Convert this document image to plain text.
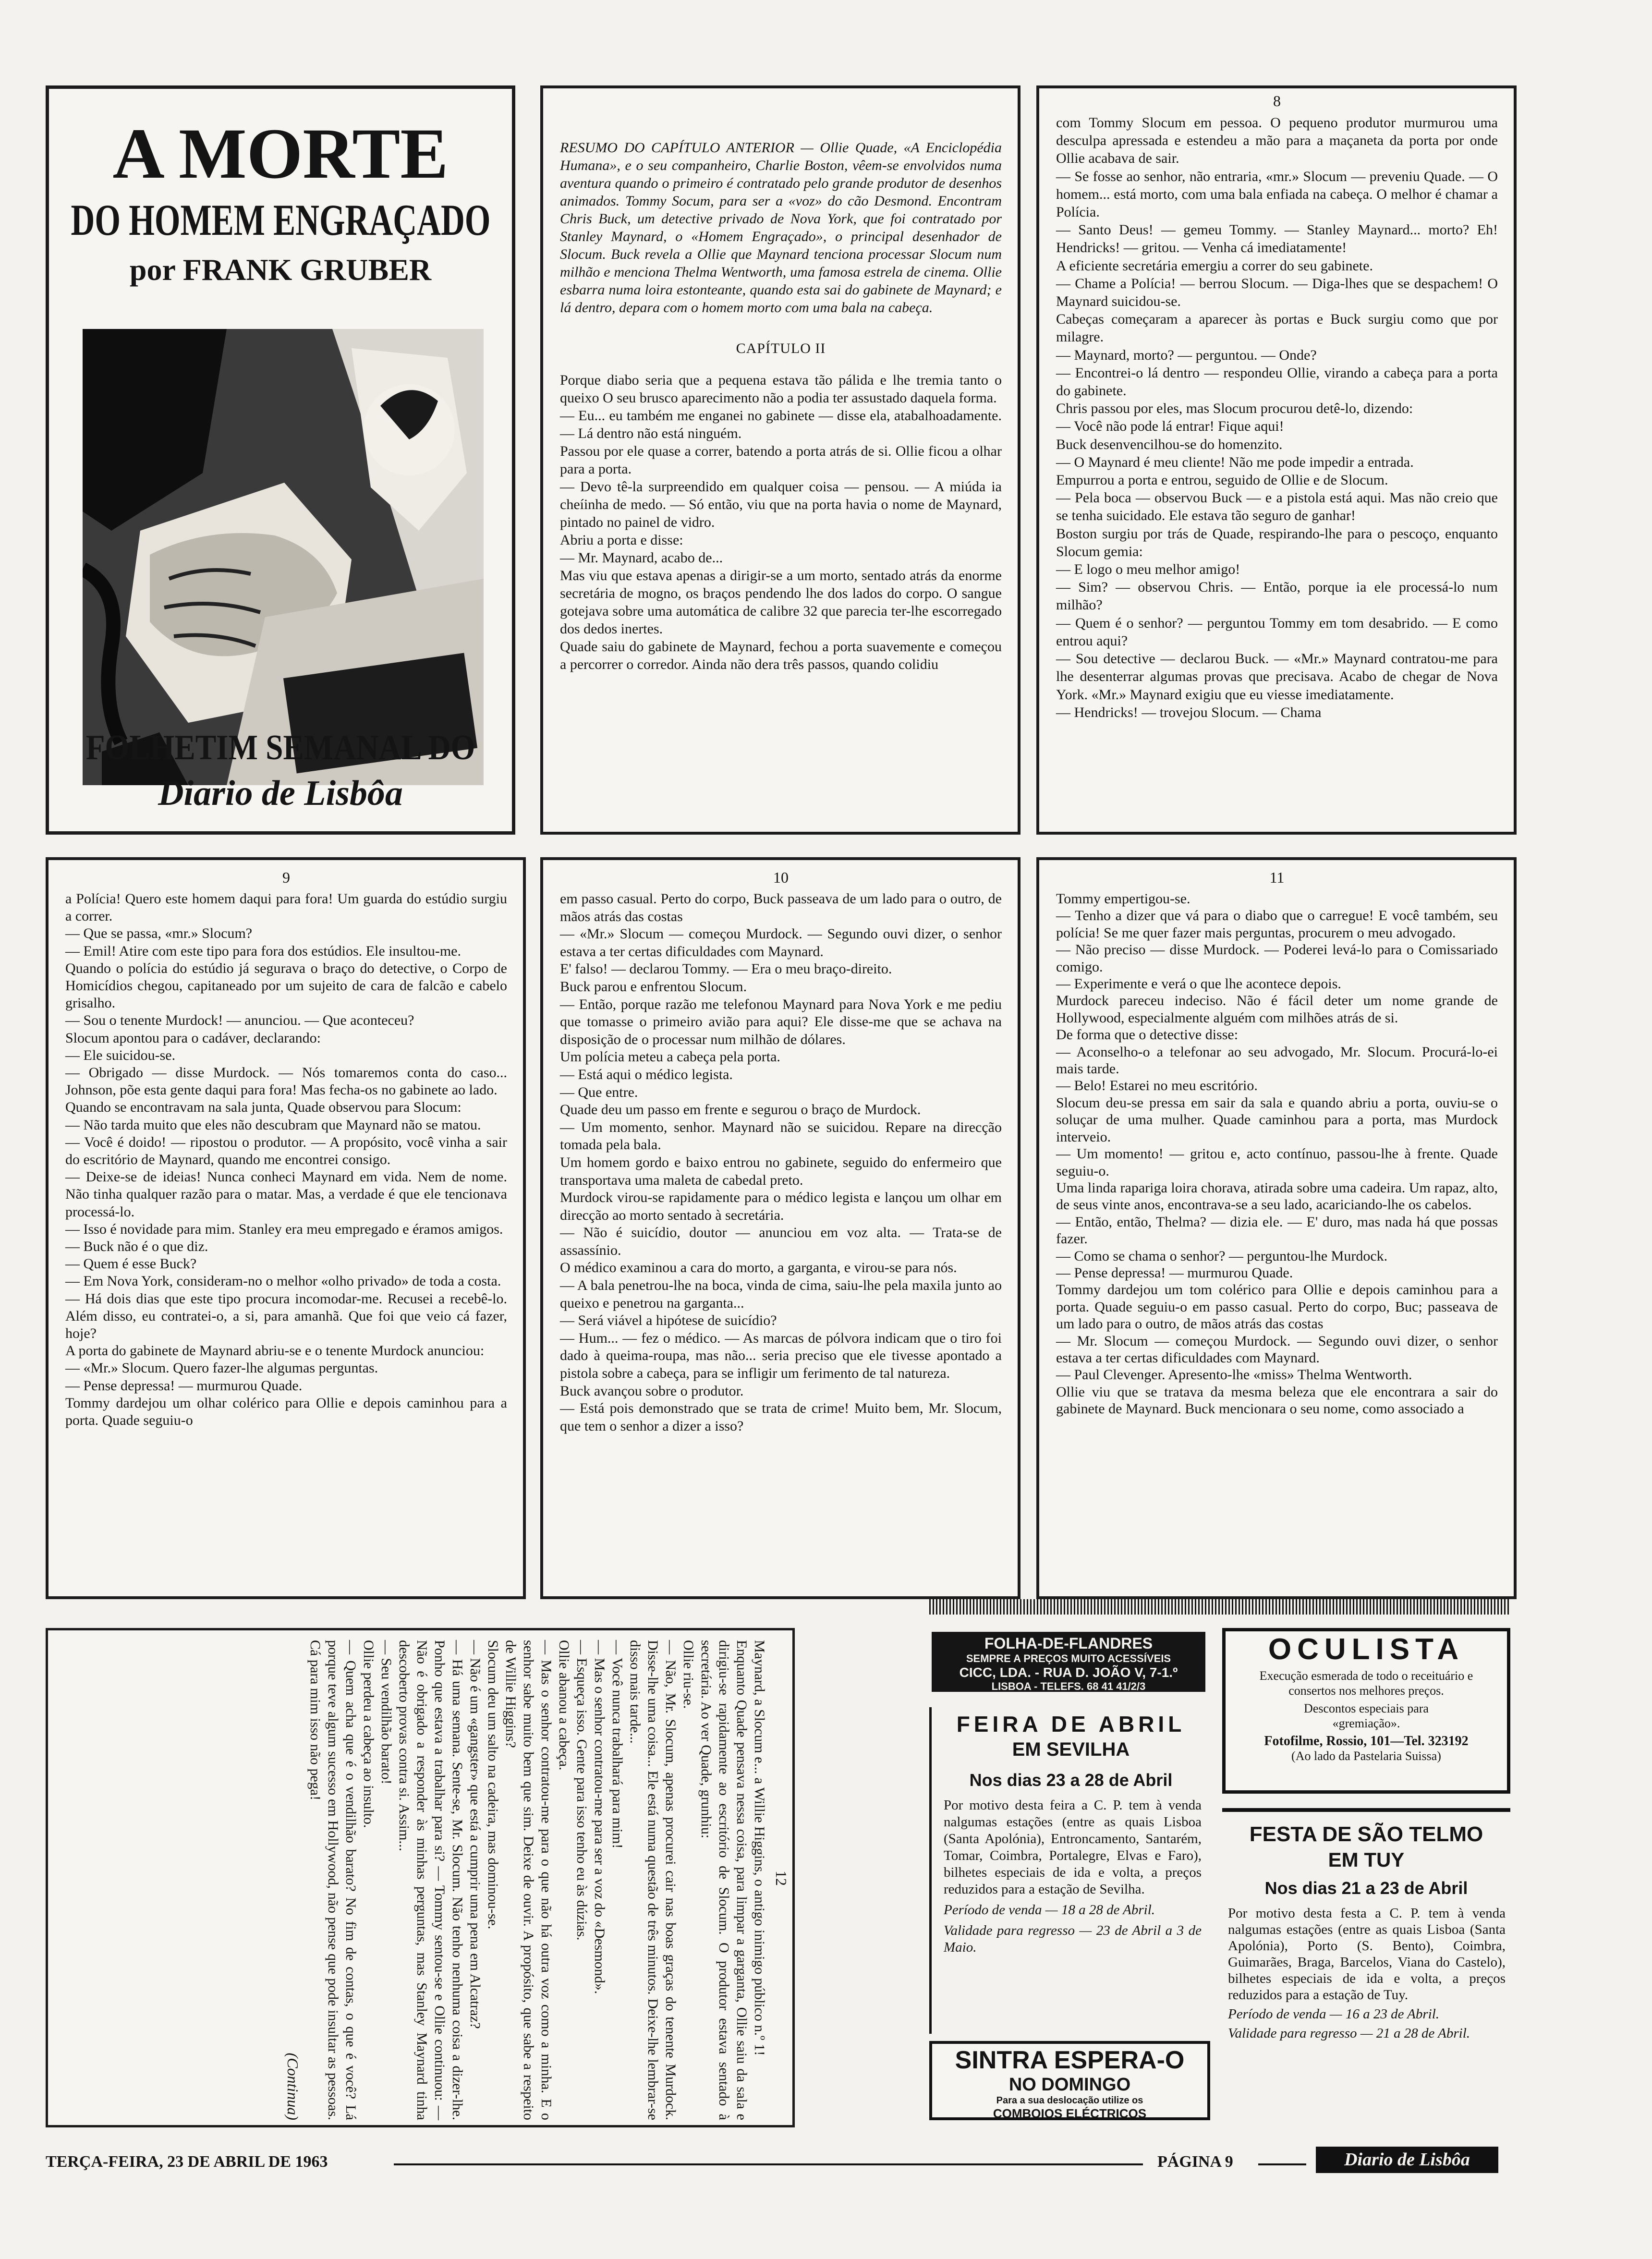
A MORTE
DO HOMEM ENGRAÇADO
por FRANK GRUBER
FOLHETIM SEMANAL DO
Diario de Lisbôa

RESUMO DO CAPÍTULO ANTERIOR — Ollie Quade, «A Enciclopédia Humana», e o seu companheiro, Charlie Boston, vêem-se envolvidos numa aventura quando o primeiro é contratado pelo grande produtor de desenhos animados. Tommy Socum, para ser a «voz» do cão Desmond. Encontram Chris Buck, um detective privado de Nova York, que foi contratado por Stanley Maynard, o «Homem Engraçado», o principal desenhador de Slocum. Buck revela a Ollie que Maynard tenciona processar Slocum num milhão e menciona Thelma Wentworth, uma famosa estrela de cinema. Ollie esbarra numa loira estonteante, quando esta sai do gabinete de Maynard; e lá dentro, depara com o homem morto com uma bala na cabeça.

CAPÍTULO II

Porque diabo seria que a pequena estava tão pálida e lhe tremia tanto o queixo O seu brusco aparecimento não a podia ter assustado daquela forma.
— Eu... eu também me enganei no gabinete — disse ela, atabalhoadamente. — Lá dentro não está ninguém.
Passou por ele quase a correr, batendo a porta atrás de si. Ollie ficou a olhar para a porta.
— Devo tê-la surpreendido em qualquer coisa — pensou. — A miúda ia cheíinha de medo. — Só então, viu que na porta havia o nome de Maynard, pintado no painel de vidro.
Abriu a porta e disse:
— Mr. Maynard, acabo de...
Mas viu que estava apenas a dirigir-se a um morto, sentado atrás da enorme secretária de mogno, os braços pendendo lhe dos lados do corpo. O sangue gotejava sobre uma automática de calibre 32 que parecia ter-lhe escorregado dos dedos inertes.
Quade saiu do gabinete de Maynard, fechou a porta suavemente e começou a percorrer o corredor. Ainda não dera três passos, quando colidiu

8

com Tommy Slocum em pessoa. O pequeno produtor murmurou uma desculpa apressada e estendeu a mão para a maçaneta da porta por onde Ollie acabava de sair.
— Se fosse ao senhor, não entraria, «mr.» Slocum — preveniu Quade. — O homem... está morto, com uma bala enfiada na cabeça. O melhor é chamar a Polícia.
— Santo Deus! — gemeu Tommy. — Stanley Maynard... morto? Eh! Hendricks! — gritou. — Venha cá imediatamente!
A eficiente secretária emergiu a correr do seu gabinete.
— Chame a Polícia! — berrou Slocum. — Diga-lhes que se despachem! O Maynard suicidou-se.
Cabeças começaram a aparecer às portas e Buck surgiu como que por milagre.
— Maynard, morto? — perguntou. — Onde?
— Encontrei-o lá dentro — respondeu Ollie, virando a cabeça para a porta do gabinete.
Chris passou por eles, mas Slocum procurou detê-lo, dizendo:
— Você não pode lá entrar! Fique aqui!
Buck desenvencilhou-se do homenzito.
— O Maynard é meu cliente! Não me pode impedir a entrada.
Empurrou a porta e entrou, seguido de Ollie e de Slocum.
— Pela boca — observou Buck — e a pistola está aqui. Mas não creio que se tenha suicidado. Ele estava tão seguro de ganhar!
Boston surgiu por trás de Quade, respirando-lhe para o pescoço, enquanto Slocum gemia:
— E logo o meu melhor amigo!
— Sim? — observou Chris. — Então, porque ia ele processá-lo num milhão?
— Quem é o senhor? — perguntou Tommy em tom desabrido. — E como entrou aqui?
— Sou detective — declarou Buck. — «Mr.» Maynard contratou-me para lhe desenterrar algumas provas que precisava. Acabo de chegar de Nova York. «Mr.» Maynard exigiu que eu viesse imediatamente.
— Hendricks! — trovejou Slocum. — Chama

9

a Polícia! Quero este homem daqui para fora! Um guarda do estúdio surgiu a correr.
— Que se passa, «mr.» Slocum?
— Emil! Atire com este tipo para fora dos estúdios. Ele insultou-me.
Quando o polícia do estúdio já segurava o braço do detective, o Corpo de Homicídios chegou, capitaneado por um sujeito de cara de falcão e cabelo grisalho.
— Sou o tenente Murdock! — anunciou. — Que aconteceu?
Slocum apontou para o cadáver, declarando:
— Ele suicidou-se.
— Obrigado — disse Murdock. — Nós tomaremos conta do caso... Johnson, põe esta gente daqui para fora! Mas fecha-os no gabinete ao lado.
Quando se encontravam na sala junta, Quade observou para Slocum:
— Não tarda muito que eles não descubram que Maynard não se matou.
— Você é doido! — ripostou o produtor. — A propósito, você vinha a sair do escritório de Maynard, quando me encontrei consigo.
— Deixe-se de ideias! Nunca conheci Maynard em vida. Nem de nome. Não tinha qualquer razão para o matar. Mas, a verdade é que ele tencionava processá-lo.
— Isso é novidade para mim. Stanley era meu empregado e éramos amigos.
— Buck não é o que diz.
— Quem é esse Buck?
— Em Nova York, consideram-no o melhor «olho privado» de toda a costa.
— Há dois dias que este tipo procura incomodar-me. Recusei a recebê-lo. Além disso, eu contratei-o, a si, para amanhã. Que foi que veio cá fazer, hoje?
A porta do gabinete de Maynard abriu-se e o tenente Murdock anunciou:
— «Mr.» Slocum. Quero fazer-lhe algumas perguntas.
— Pense depressa! — murmurou Quade.
Tommy dardejou um olhar colérico para Ollie e depois caminhou para a porta. Quade seguiu-o

10

em passo casual. Perto do corpo, Buck passeava de um lado para o outro, de mãos atrás das costas
— «Mr.» Slocum — começou Murdock. — Segundo ouvi dizer, o senhor estava a ter certas dificuldades com Maynard.
E' falso! — declarou Tommy. — Era o meu braço-direito.
Buck parou e enfrentou Slocum.
— Então, porque razão me telefonou Maynard para Nova York e me pediu que tomasse o primeiro avião para aqui? Ele disse-me que se achava na disposição de o processar num milhão de dólares.
Um polícia meteu a cabeça pela porta.
— Está aqui o médico legista.
— Que entre.
Quade deu um passo em frente e segurou o braço de Murdock.
— Um momento, senhor. Maynard não se suicidou. Repare na direcção tomada pela bala.
Um homem gordo e baixo entrou no gabinete, seguido do enfermeiro que transportava uma maleta de cabedal preto.
Murdock virou-se rapidamente para o médico legista e lançou um olhar em direcção ao morto sentado à secretária.
— Não é suicídio, doutor — anunciou em voz alta. — Trata-se de assassínio.
O médico examinou a cara do morto, a garganta, e virou-se para nós.
— A bala penetrou-lhe na boca, vinda de cima, saiu-lhe pela maxila junto ao queixo e penetrou na garganta...
— Será viável a hipótese de suicídio?
— Hum... — fez o médico. — As marcas de pólvora indicam que o tiro foi dado à queima-roupa, mas não... seria preciso que ele tivesse apontado a pistola sobre a cabeça, para se infligir um ferimento de tal natureza.
Buck avançou sobre o produtor.
— Está pois demonstrado que se trata de crime! Muito bem, Mr. Slocum, que tem o senhor a dizer a isso?

11

Tommy empertigou-se.
— Tenho a dizer que vá para o diabo que o carregue! E você também, seu polícia! Se me quer fazer mais perguntas, procurem o meu advogado.
— Não preciso — disse Murdock. — Poderei levá-lo para o Comissariado comigo.
— Experimente e verá o que lhe acontece depois.
Murdock pareceu indeciso. Não é fácil deter um nome grande de Hollywood, especialmente alguém com milhões atrás de si.
De forma que o detective disse:
— Aconselho-o a telefonar ao seu advogado, Mr. Slocum. Procurá-lo-ei mais tarde.
— Belo! Estarei no meu escritório.
Slocum deu-se pressa em sair da sala e quando abriu a porta, ouviu-se o soluçar de uma mulher. Quade caminhou para a porta, mas Murdock interveio.
— Um momento! — gritou e, acto contínuo, passou-lhe à frente. Quade seguiu-o.
Uma linda rapariga loira chorava, atirada sobre uma cadeira. Um rapaz, alto, de seus vinte anos, encontrava-se a seu lado, acariciando-lhe os cabelos.
— Então, então, Thelma? — dizia ele. — E' duro, mas nada há que possas fazer.
— Como se chama o senhor? — perguntou-lhe Murdock.
— Pense depressa! — murmurou Quade.
Tommy dardejou um tom colérico para Ollie e depois caminhou para a porta. Quade seguiu-o em passo casual. Perto do corpo, Buc; passeava de um lado para o outro, de mãos atrás das costas
— Mr. Slocum — começou Murdock. — Segundo ouvi dizer, o senhor estava a ter certas dificuldades com Maynard.
— Paul Clevenger. Apresento-lhe «miss» Thelma Wentworth.
Ollie viu que se tratava da mesma beleza que ele encontrara a sair do gabinete de Maynard. Buck mencionara o seu nome, como associado a

12

Maynard, a Slocum e... a Willie Higgins, o antigo inimigo público n.º 1!
Enquanto Quade pensava nessa coisa, para limpar a garganta, Ollie saiu da sala e dirigiu-se rapidamente ao escritório de Slocum. O produtor estava sentado à secretária. Ao ver Quade, grunhiu:
Ollie riu-se.
— Não, Mr. Slocum, apenas procurei cair nas boas graças do tenente Murdock. Disse-lhe uma coisa... Ele está numa questão de três minutos. Deixe-lhe lembrar-se disso mais tarde...
— Você nunca trabalhará para mim!
— Mas o senhor contratou-me para ser a voz do «Desmond».
— Esqueça isso. Gente para isso tenho eu às dúzias.
Ollie abanou a cabeça.
— Mas o senhor contratou-me para o que não há outra voz como a minha. E o senhor sabe muito bem que sim. Deixe de ouvir. A propósito, que sabe a respeito de Willie Higgins?
Slocum deu um salto na cadeira, mas dominou-se.
— Não é um «gangster» que está a cumprir uma pena em Alcatraz?
— Há uma semana. Sente-se, Mr. Slocum. Não tenho nenhuma coisa a dizer-lhe. Ponho que estava a trabalhar para si? — Tommy sentou-se e Ollie continuou: — Não é obrigado a responder às minhas perguntas, mas Stanley Maynard tinha descoberto provas contra si. Assim...
— Seu vendilhão barato!
Ollie perdeu a cabeça ao insulto.
— Quem acha que é o vendilhão barato? No fim de contas, o que é você? Lá porque teve algum sucesso em Hollywood, não pense que pode insultar as pessoas. Cá para mim isso não pega!

(Continua)

FOLHA-DE-FLANDRES
SEMPRE A PREÇOS MUITO ACESSÍVEIS
CICC, LDA. - RUA D. JOÃO V, 7-1.º
LISBOA - TELEFS. 68 41 41/2/3
FEIRA DE ABRIL
EM SEVILHA
Nos dias 23 a 28 de Abril

Por motivo desta feira a C. P. tem à venda nalgumas estações (entre as quais Lisboa (Santa Apolónia), Entroncamento, Santarém, Tomar, Coimbra, Portalegre, Elvas e Faro), bilhetes especiais de ida e volta, a preços reduzidos para a estação de Sevilha.

Período de venda — 18 a 28 de Abril.

Validade para regresso — 23 de Abril a 3 de Maio.

SINTRA ESPERA-O
NO DOMINGO
Para a sua deslocação utilize os
COMBOIOS ELÉCTRICOS
OCULISTA

Execução esmerada de todo o receituário e consertos nos melhores preços.

Descontos especiais para «gremiação».

Fotofilme, Rossio, 101—Tel. 323192

(Ao lado da Pastelaria Suissa)

FESTA DE SÃO TELMO
EM TUY
Nos dias 21 a 23 de Abril

Por motivo desta festa a C. P. tem à venda nalgumas estações (entre as quais Lisboa (Santa Apolónia), Porto (S. Bento), Coimbra, Guimarães, Braga, Barcelos, Viana do Castelo), bilhetes especiais de ida e volta, a preços reduzidos para a estação de Tuy.

Período de venda — 16 a 23 de Abril.

Validade para regresso — 21 a 28 de Abril.

TERÇA-FEIRA, 23 DE ABRIL DE 1963	PÁGINA 9	Diario de Lisbôa
